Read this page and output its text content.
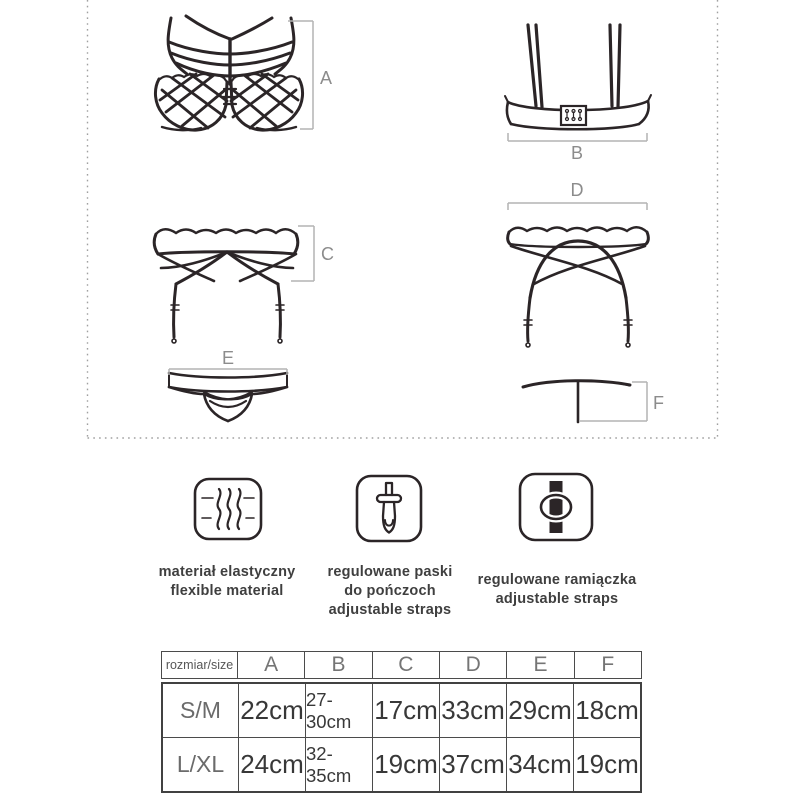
A
B
D
C
E
F
materiał elastyczny
flexible material
regulowane paski
do pończoch
adjustable straps
regulowane ramiączka
adjustable straps
rozmiar/size	A	B	C	D	E	F
S/M 22cm 27-30cm 17cm 33cm 29cm 18cm
L/XL 24cm 32-35cm 19cm 37cm 34cm 19cm
